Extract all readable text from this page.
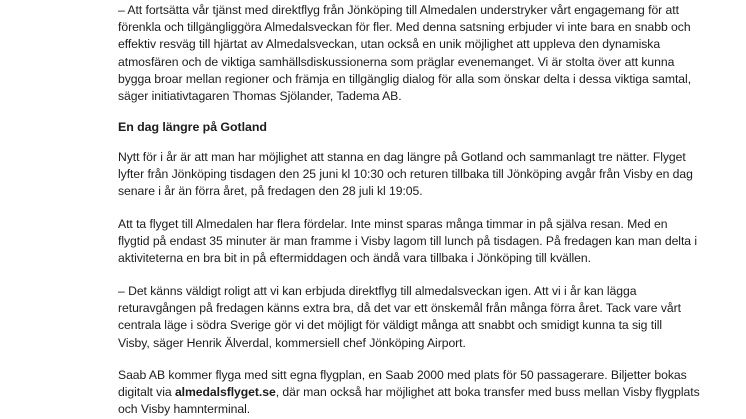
– Att fortsätta vår tjänst med direktflyg från Jönköping till Almedalen understryker vårt engagemang för att
förenkla och tillgängliggöra Almedalsveckan för fler. Med denna satsning erbjuder vi inte bara en snabb och
effektiv resväg till hjärtat av Almedalsveckan, utan också en unik möjlighet att uppleva den dynamiska
atmosfären och de viktiga samhällsdiskussionerna som präglar evenemanget. Vi är stolta över att kunna
bygga broar mellan regioner och främja en tillgänglig dialog för alla som önskar delta i dessa viktiga samtal,
säger initiativtagaren Thomas Sjölander, Tadema AB.

En dag längre på Gotland

Nytt för i år är att man har möjlighet att stanna en dag längre på Gotland och sammanlagt tre nätter. Flyget
lyfter från Jönköping tisdagen den 25 juni kl 10:30 och returen tillbaka till Jönköping avgår från Visby en dag
senare i år än förra året, på fredagen den 28 juli kl 19:05.

Att ta flyget till Almedalen har flera fördelar. Inte minst sparas många timmar in på själva resan. Med en
flygtid på endast 35 minuter är man framme i Visby lagom till lunch på tisdagen. På fredagen kan man delta i
aktiviteterna en bra bit in på eftermiddagen och ändå vara tillbaka i Jönköping till kvällen.

– Det känns väldigt roligt att vi kan erbjuda direktflyg till almedalsveckan igen. Att vi i år kan lägga
returavgången på fredagen känns extra bra, då det var ett önskemål från många förra året. Tack vare vårt
centrala läge i södra Sverige gör vi det möjligt för väldigt många att snabbt och smidigt kunna ta sig till
Visby, säger Henrik Älverdal, kommersiell chef Jönköping Airport.

Saab AB kommer flyga med sitt egna flygplan, en Saab 2000 med plats för 50 passagerare. Biljetter bokas
digitalt via almedalsflyget.se, där man också har möjlighet att boka transfer med buss mellan Visby flygplats
och Visby hamnterminal.
